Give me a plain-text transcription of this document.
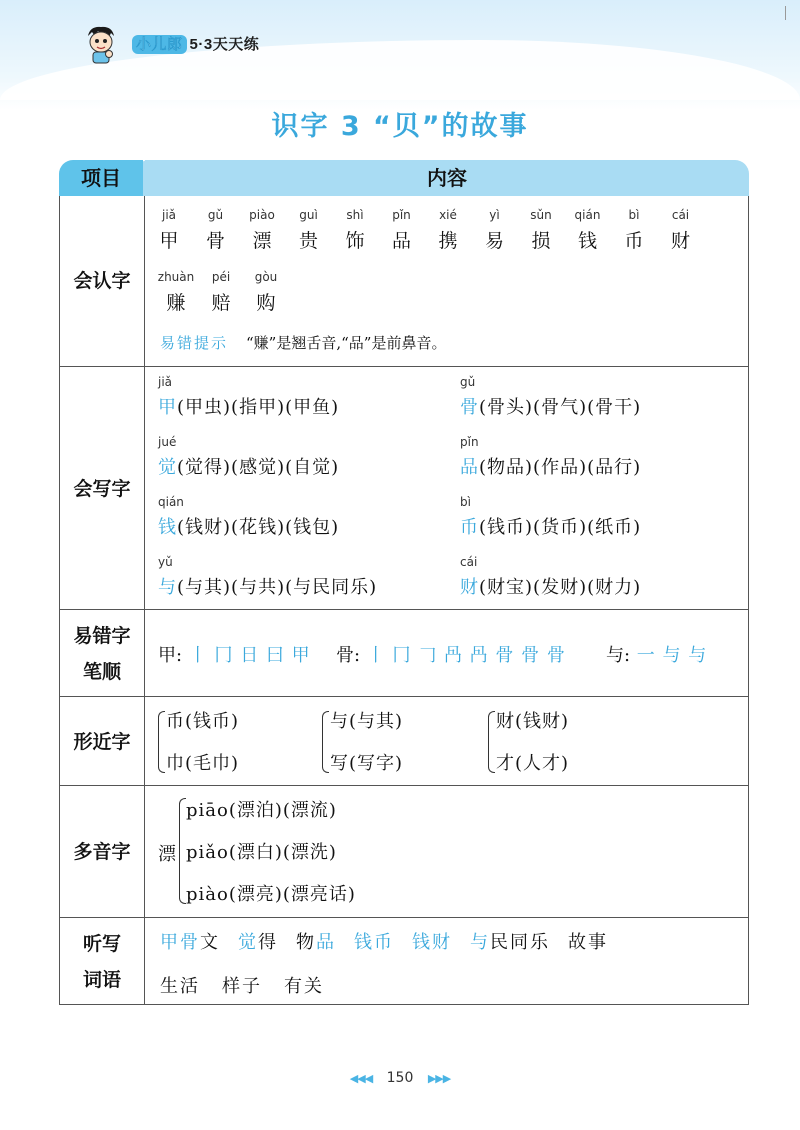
小儿郎 5·3天天练
识字 3 “贝”的故事
内容
项目
会认字
易错提示 “赚”是翘舌音,“品”是前鼻音。
jiǎ
甲
gǔ
骨
piào
漂
guì
贵
shì
饰
pǐn
品
xié
携
yì
易
sǔn
损
qián
钱
bì
币
cái
财
zhuàn
赚
péi
赔
gòu
购
会写字
jiǎ
甲(甲虫)(指甲)(甲鱼)
gǔ
骨(骨头)(骨气)(骨干)
jué
觉(觉得)(感觉)(自觉)
pǐn
品(物品)(作品)(品行)
qián
钱(钱财)(花钱)(钱包)
bì
币(钱币)(货币)(纸币)
yǔ
与(与其)(与共)(与民同乐)
cái
财(财宝)(发财)(财力)
易错字
笔顺
甲: 丨 冂 日 曰 甲 骨: 丨 冂 𠃌 冎 冎 骨 骨 骨 与: 一 与 与
形近字
币(钱币)
巾(毛巾)
与(与其)
写(写字)
财(钱财)
才(人才)
多音字	漂
piāo(漂泊)(漂流)
piǎo(漂白)(漂洗)
piào(漂亮)(漂亮话)
听写
词语
甲骨文 觉得 物品 钱币 钱财 与民同乐 故事
生活 样子 有关
◀◀◀ 150 ▶▶▶
